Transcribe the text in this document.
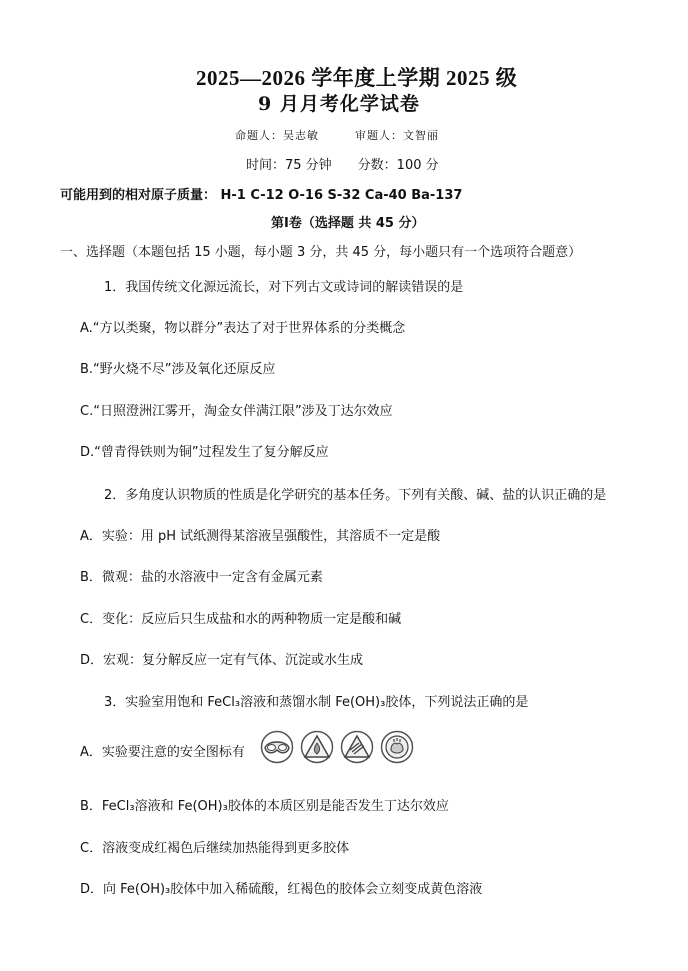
2025—2026 学年度上学期 2025 级
9 月月考化学试卷
命题人：吴志敏　　　审题人：文智丽
时间：75 分钟　　分数：100 分
可能用到的相对原子质量： H-1 C-12 O-16 S-32 Ca-40 Ba-137
第Ⅰ卷（选择题 共 45 分）
一、选择题（本题包括 15 小题，每小题 3 分，共 45 分，每小题只有一个选项符合题意）
1．我国传统文化源远流长，对下列古文或诗词的解读错误的是
A.“方以类聚，物以群分”表达了对于世界体系的分类概念
B.“野火烧不尽”涉及氧化还原反应
C.“日照澄洲江雾开，淘金女伴满江限”涉及丁达尔效应
D.“曾青得铁则为铜”过程发生了复分解反应
2．多角度认识物质的性质是化学研究的基本任务。下列有关酸、碱、盐的认识正确的是
A．实验：用 pH 试纸测得某溶液呈强酸性，其溶质不一定是酸
B．微观：盐的水溶液中一定含有金属元素
C．变化：反应后只生成盐和水的两种物质一定是酸和碱
D．宏观：复分解反应一定有气体、沉淀或水生成
3．实验室用饱和 FeCl₃溶液和蒸馏水制 Fe(OH)₃胶体，下列说法正确的是
A．实验要注意的安全图标有
B．FeCl₃溶液和 Fe(OH)₃胶体的本质区别是能否发生丁达尔效应
C．溶液变成红褐色后继续加热能得到更多胶体
D．向 Fe(OH)₃胶体中加入稀硫酸，红褐色的胶体会立刻变成黄色溶液
